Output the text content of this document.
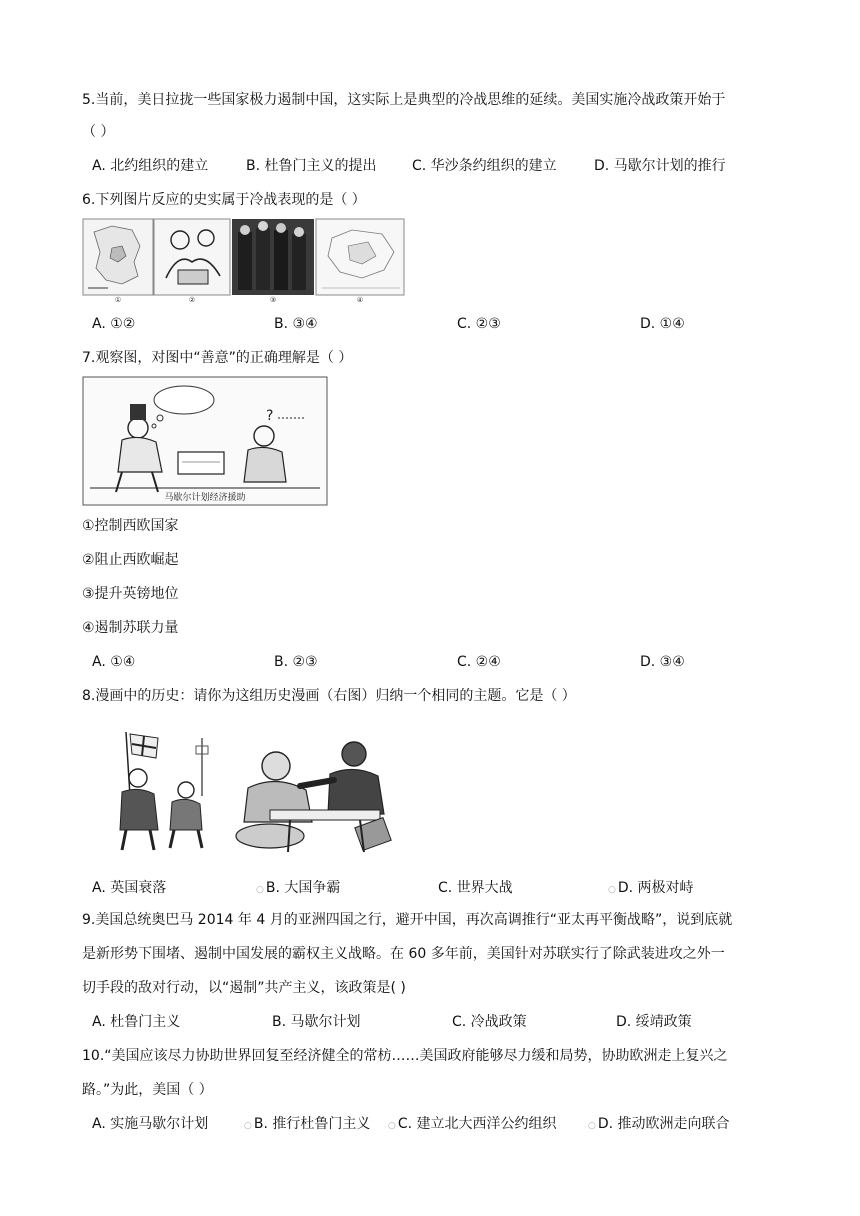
5.当前，美日拉拢一些国家极力遏制中国，这实际上是典型的冷战思维的延续。美国实施冷战政策开始于
（ ）
A. 北约组织的建立	B. 杜鲁门主义的提出	C. 华沙条约组织的建立	D. 马歇尔计划的推行
6.下列图片反应的史实属于冷战表现的是（ ）
①	②	③	④
A. ①②	B. ③④	C. ②③	D. ①④
7.观察图，对图中“善意”的正确理解是（ ）
?
马歇尔计划经济援助
①控制西欧国家
②阻止西欧崛起
③提升英镑地位
④遏制苏联力量
A. ①④	B. ②③	C. ②④	D. ③④
8.漫画中的历史：请你为这组历史漫画（右图）归纳一个相同的主题。它是（ ）
A. 英国衰落	○ B. 大国争霸	C. 世界大战	○ D. 两极对峙
9.美国总统奥巴马 2014 年 4 月的亚洲四国之行，避开中国，再次高调推行“亚太再平衡战略”，说到底就
是新形势下围堵、遏制中国发展的霸权主义战略。在 60 多年前，美国针对苏联实行了除武装进攻之外一
切手段的敌对行动，以“遏制”共产主义，该政策是( )
A. 杜鲁门主义	B. 马歇尔计划	C. 冷战政策	D. 绥靖政策
10.“美国应该尽力协助世界回复至经济健全的常枋……美国政府能够尽力缓和局势，协助欧洲走上复兴之
路。”为此，美国（ ）
A. 实施马歇尔计划	○ B. 推行杜鲁门主义 ○ C. 建立北大西洋公约组织	○ D. 推动欧洲走向联合
